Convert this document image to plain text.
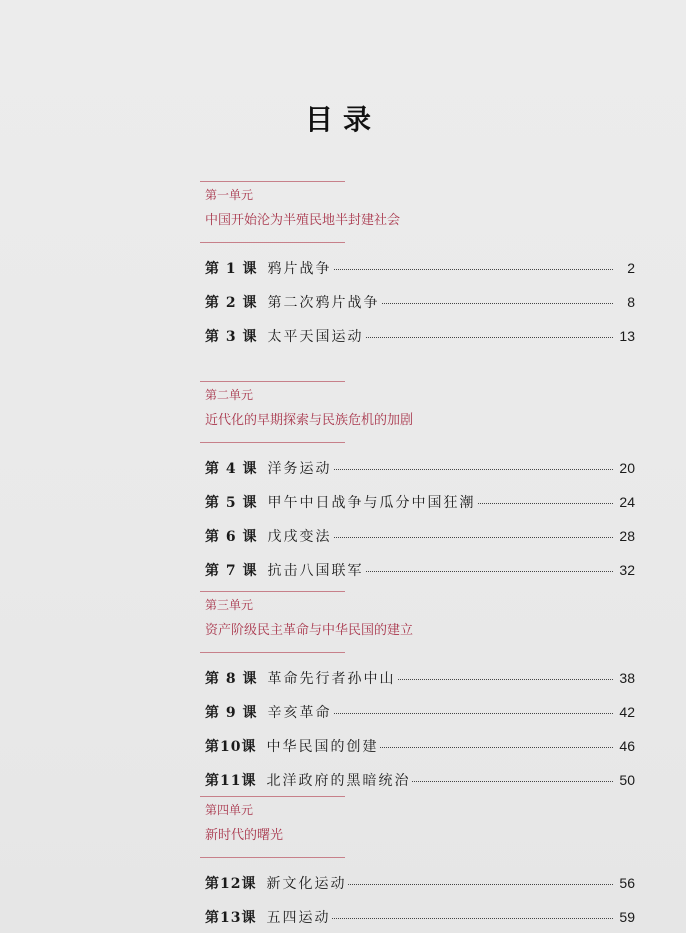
目录
第一单元
中国开始沦为半殖民地半封建社会
第 1 课 鸦片战争	2
第 2 课 第二次鸦片战争	8
第 3 课 太平天国运动	13
第二单元
近代化的早期探索与民族危机的加剧
第 4 课 洋务运动	20
第 5 课 甲午中日战争与瓜分中国狂潮	24
第 6 课 戊戌变法	28
第 7 课 抗击八国联军	32
第三单元
资产阶级民主革命与中华民国的建立
第 8 课 革命先行者孙中山	38
第 9 课 辛亥革命	42
第10课 中华民国的创建	46
第11课 北洋政府的黑暗统治	50
第四单元
新时代的曙光
第12课 新文化运动	56
第13课 五四运动	59
